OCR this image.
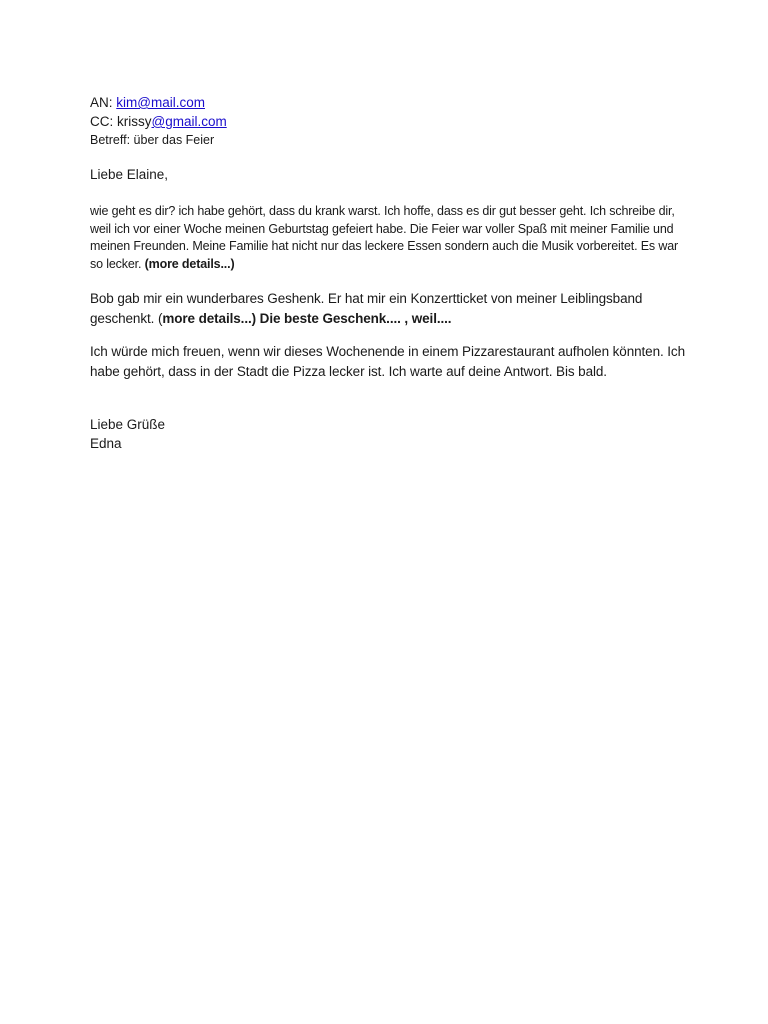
AN: kim@mail.com
CC: krissy@gmail.com
Betreff: über das Feier
Liebe Elaine,
wie geht es dir? ich habe gehört, dass du krank warst. Ich hoffe, dass es dir gut besser geht. Ich schreibe dir, weil ich vor einer Woche meinen Geburtstag gefeiert habe. Die Feier war voller Spaß mit meiner Familie und meinen Freunden. Meine Familie hat nicht nur das leckere Essen sondern auch die Musik vorbereitet. Es war so lecker. (more details...)
Bob gab mir ein wunderbares Geshenk. Er hat mir ein Konzertticket von meiner Leiblingsband geschenkt. (more details...) Die beste Geschenk.... , weil....
Ich würde mich freuen, wenn wir dieses Wochenende in einem Pizzarestaurant aufholen könnten. Ich habe gehört, dass in der Stadt die Pizza lecker ist. Ich warte auf deine Antwort. Bis bald.
Liebe Grüße
Edna
